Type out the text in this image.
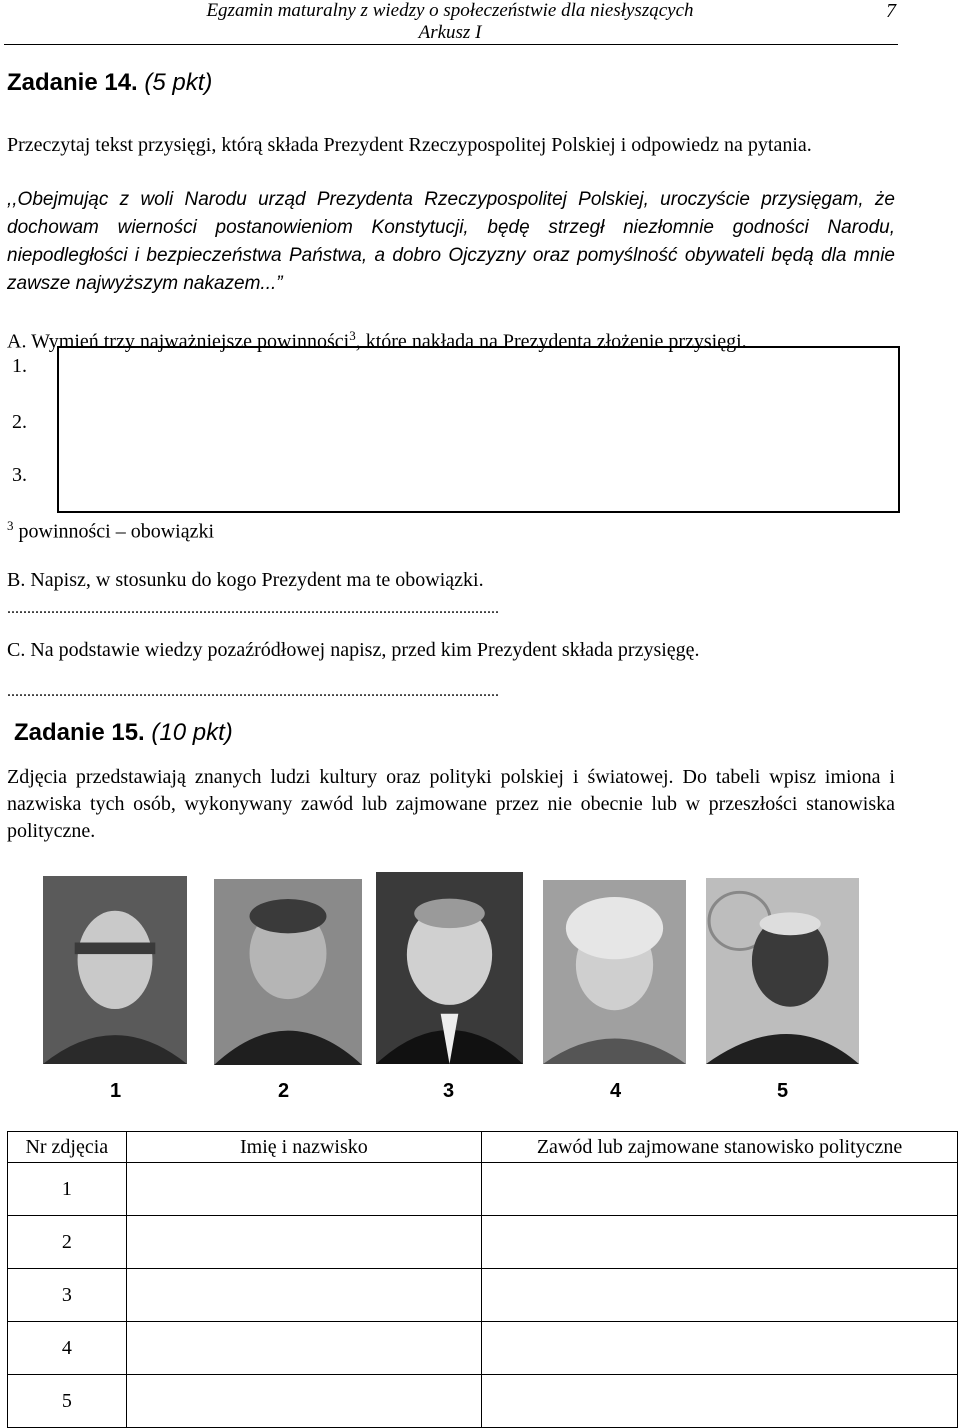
Egzamin maturalny z wiedzy o społeczeństwie dla niesłyszących
Arkusz I
7
Zadanie 14. (5 pkt)
Przeczytaj tekst przysięgi, którą składa Prezydent Rzeczypospolitej Polskiej i odpowiedz na pytania.
,,Obejmując z woli Narodu urząd Prezydenta Rzeczypospolitej Polskiej, uroczyście przysięgam, że dochowam wierności postanowieniom Konstytucji, będę strzegł niezłomnie godności Narodu, niepodległości i bezpieczeństwa Państwa, a dobro Ojczyzny oraz pomyślność obywateli będą dla mnie zawsze najwyższym nakazem...”
A. Wymień trzy najważniejsze powinności$^3$, które nakłada na Prezydenta złożenie przysięgi.
1.
2.
3.
$^3$ powinności – obowiązki
B. Napisz, w stosunku do kogo Prezydent ma te obowiązki.
...........................................................................................................................
C. Na podstawie wiedzy pozaźródłowej napisz, przed kim Prezydent składa przysięgę.
...........................................................................................................................
Zadanie 15. (10 pkt)
Zdjęcia przedstawiają znanych ludzi kultury oraz polityki polskiej i światowej. Do tabeli wpisz imiona i nazwiska tych osób, wykonywany zawód lub zajmowane przez nie obecnie lub w przeszłości stanowiska polityczne.
1	2	3	4	5
Nr zdjęcia	Imię i nazwisko	Zawód lub zajmowane stanowisko polityczne
1		
2		
3		
4		
5		
